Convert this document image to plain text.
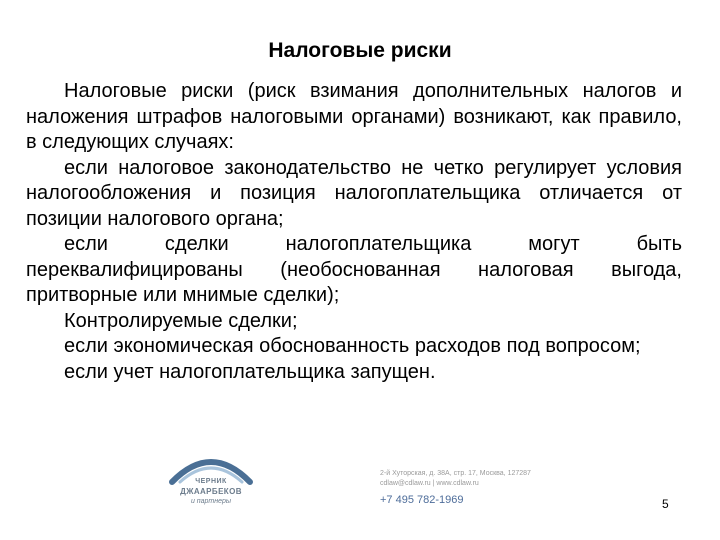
Налоговые риски

Налоговые риски (риск взимания дополнительных налогов и наложения штрафов налоговыми органами) возникают, как правило, в следующих случаях:

если налоговое законодательство не четко регулирует условия налогообложения и позиция налогоплательщика отличается от позиции налогового органа;

если сделки налогоплательщика могут быть переквалифицированы (необоснованная налоговая выгода, притворные или мнимые сделки);

Контролируемые сделки;

если экономическая обоснованность расходов под вопросом;

если учет налогоплательщика запущен.

ЧЕРНИК
ДЖААРБЕКОВ
и партнеры
2-й Хуторская, д. 38А, стр. 17, Москва, 127287
cdlaw@cdlaw.ru | www.cdlaw.ru
+7 495 782-1969	5
